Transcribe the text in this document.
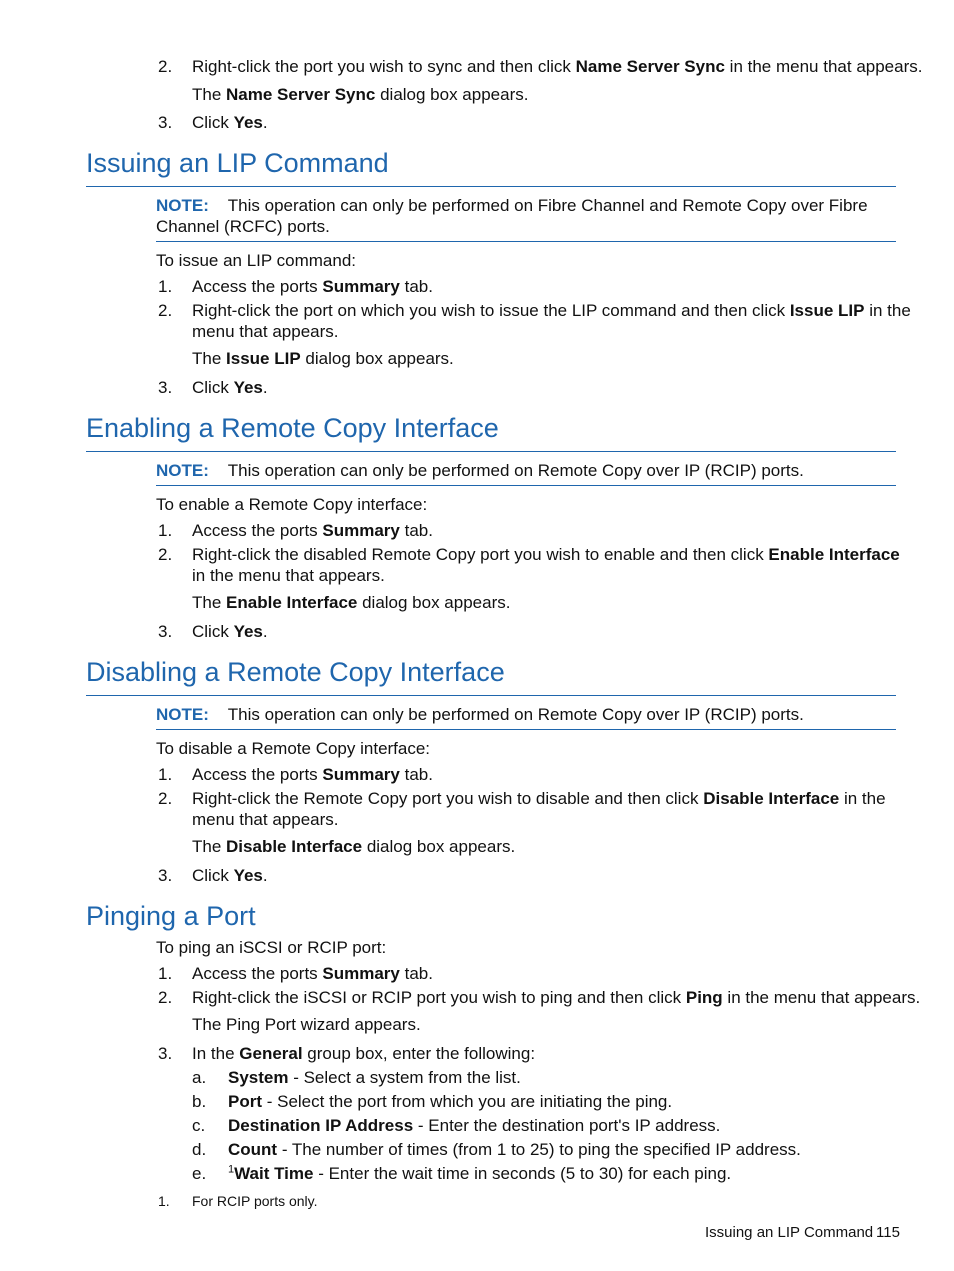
2. Right-click the port you wish to sync and then click Name Server Sync in the menu that appears.
The Name Server Sync dialog box appears.
3. Click Yes.
Issuing an LIP Command
NOTE: This operation can only be performed on Fibre Channel and Remote Copy over Fibre
Channel (RCFC) ports.
To issue an LIP command:
1. Access the ports Summary tab.
2. Right-click the port on which you wish to issue the LIP command and then click Issue LIP in the
menu that appears.
The Issue LIP dialog box appears.
3. Click Yes.
Enabling a Remote Copy Interface
NOTE: This operation can only be performed on Remote Copy over IP (RCIP) ports.
To enable a Remote Copy interface:
1. Access the ports Summary tab.
2. Right-click the disabled Remote Copy port you wish to enable and then click Enable Interface
in the menu that appears.
The Enable Interface dialog box appears.
3. Click Yes.
Disabling a Remote Copy Interface
NOTE: This operation can only be performed on Remote Copy over IP (RCIP) ports.
To disable a Remote Copy interface:
1. Access the ports Summary tab.
2. Right-click the Remote Copy port you wish to disable and then click Disable Interface in the
menu that appears.
The Disable Interface dialog box appears.
3. Click Yes.
Pinging a Port
To ping an iSCSI or RCIP port:
1. Access the ports Summary tab.
2. Right-click the iSCSI or RCIP port you wish to ping and then click Ping in the menu that appears.
The Ping Port wizard appears.
3. In the General group box, enter the following:
a. System - Select a system from the list.
b. Port - Select the port from which you are initiating the ping.
c. Destination IP Address - Enter the destination port's IP address.
d. Count - The number of times (from 1 to 25) to ping the specified IP address.
e. $^1$Wait Time - Enter the wait time in seconds (5 to 30) for each ping.
1. For RCIP ports only.
Issuing an LIP Command 115
